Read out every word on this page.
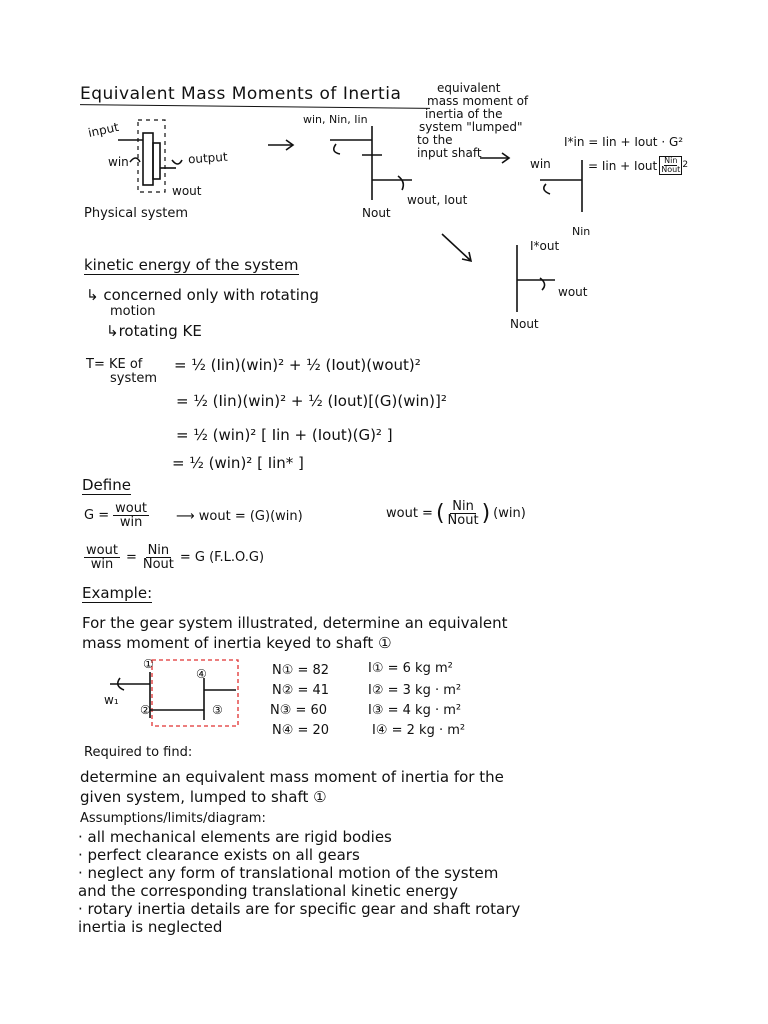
Equivalent Mass Moments of Inertia	equivalent
mass moment of
inertia of the
system "lumped"
to the
input shaft
input
win	output
wout
Physical system
win, Nin, Iin
Nout
wout, Iout
I*in = Iin + Iout · G²
= Iin + Iout Nin
Nout 2
win
Nin
I*out
wout
Nout
kinetic energy of the system
↳ concerned only with rotating
motion
↳rotating KE
T= KE of
system
= ½ (Iin)(win)² + ½ (Iout)(wout)²
= ½ (Iin)(win)² + ½ (Iout)[(G)(win)]²
= ½ (win)² [ Iin + (Iout)(G)² ]
= ½ (win)² [ Iin* ]
Define
$G = \frac{\text{wout}}{\text{win}}$ ⟶ wout = (G)(win)	wout = ( $\frac{\text{Nin}}{\text{Nout}}$ ) (win)
$\frac{\text{wout}}{\text{win}} = \frac{\text{Nin}}{\text{Nout}} = G$ (F.L.O.G)
Example:
For the gear system illustrated, determine an equivalent
mass moment of inertia keyed to shaft ①
w₁
①
②	③
④	N① = 82	I① = 6 kg m²
N② = 41	I② = 3 kg · m²
N③ = 60	I③ = 4 kg · m²
N④ = 20	I④ = 2 kg · m²
Required to find:
determine an equivalent mass moment of inertia for the
given system, lumped to shaft ①
Assumptions/limits/diagram:
· all mechanical elements are rigid bodies
· perfect clearance exists on all gears
· neglect any form of translational motion of the system
and the corresponding translational kinetic energy
· rotary inertia details are for specific gear and shaft rotary
inertia is neglected
